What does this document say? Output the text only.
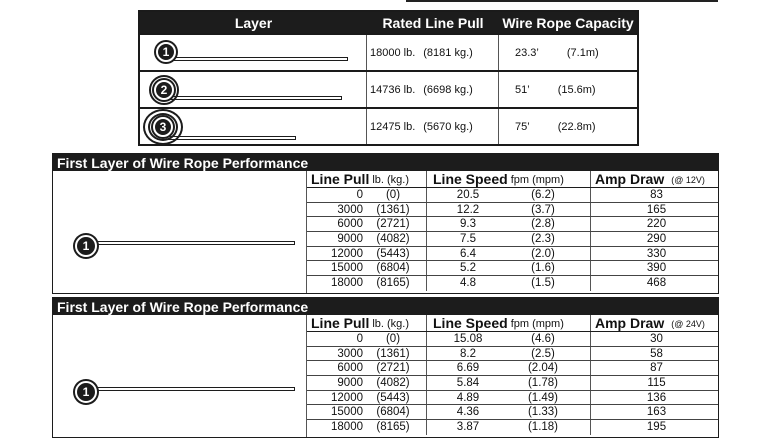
Layer	Rated Line Pull	Wire Rope Capacity
1	18000 lb. (8181 kg.)	23.3’	(7.1m)
2	14736 lb. (6698 kg.)	51’	(15.6m)
3	12475 lb. (5670 kg.)	75’	(22.8m)
First Layer of Wire Rope Performance
1
Line Pull lb. (kg.) Line Speed fpm (mpm) Amp Draw (@ 12V)
0	(0)	20.5	(6.2)	83
3000	(1361)	12.2	(3.7)	165
6000	(2721)	9.3	(2.8)	220
9000	(4082)	7.5	(2.3)	290
12000	(5443)	6.4	(2.0)	330
15000	(6804)	5.2	(1.6)	390
18000	(8165)	4.8	(1.5)	468
First Layer of Wire Rope Performance
1
Line Pull lb. (kg.) Line Speed fpm (mpm) Amp Draw (@ 24V)
0	(0)	15.08	(4.6)	30
3000	(1361)	8.2	(2.5)	58
6000	(2721)	6.69	(2.04)	87
9000	(4082)	5.84	(1.78)	115
12000	(5443)	4.89	(1.49)	136
15000	(6804)	4.36	(1.33)	163
18000	(8165)	3.87	(1.18)	195
